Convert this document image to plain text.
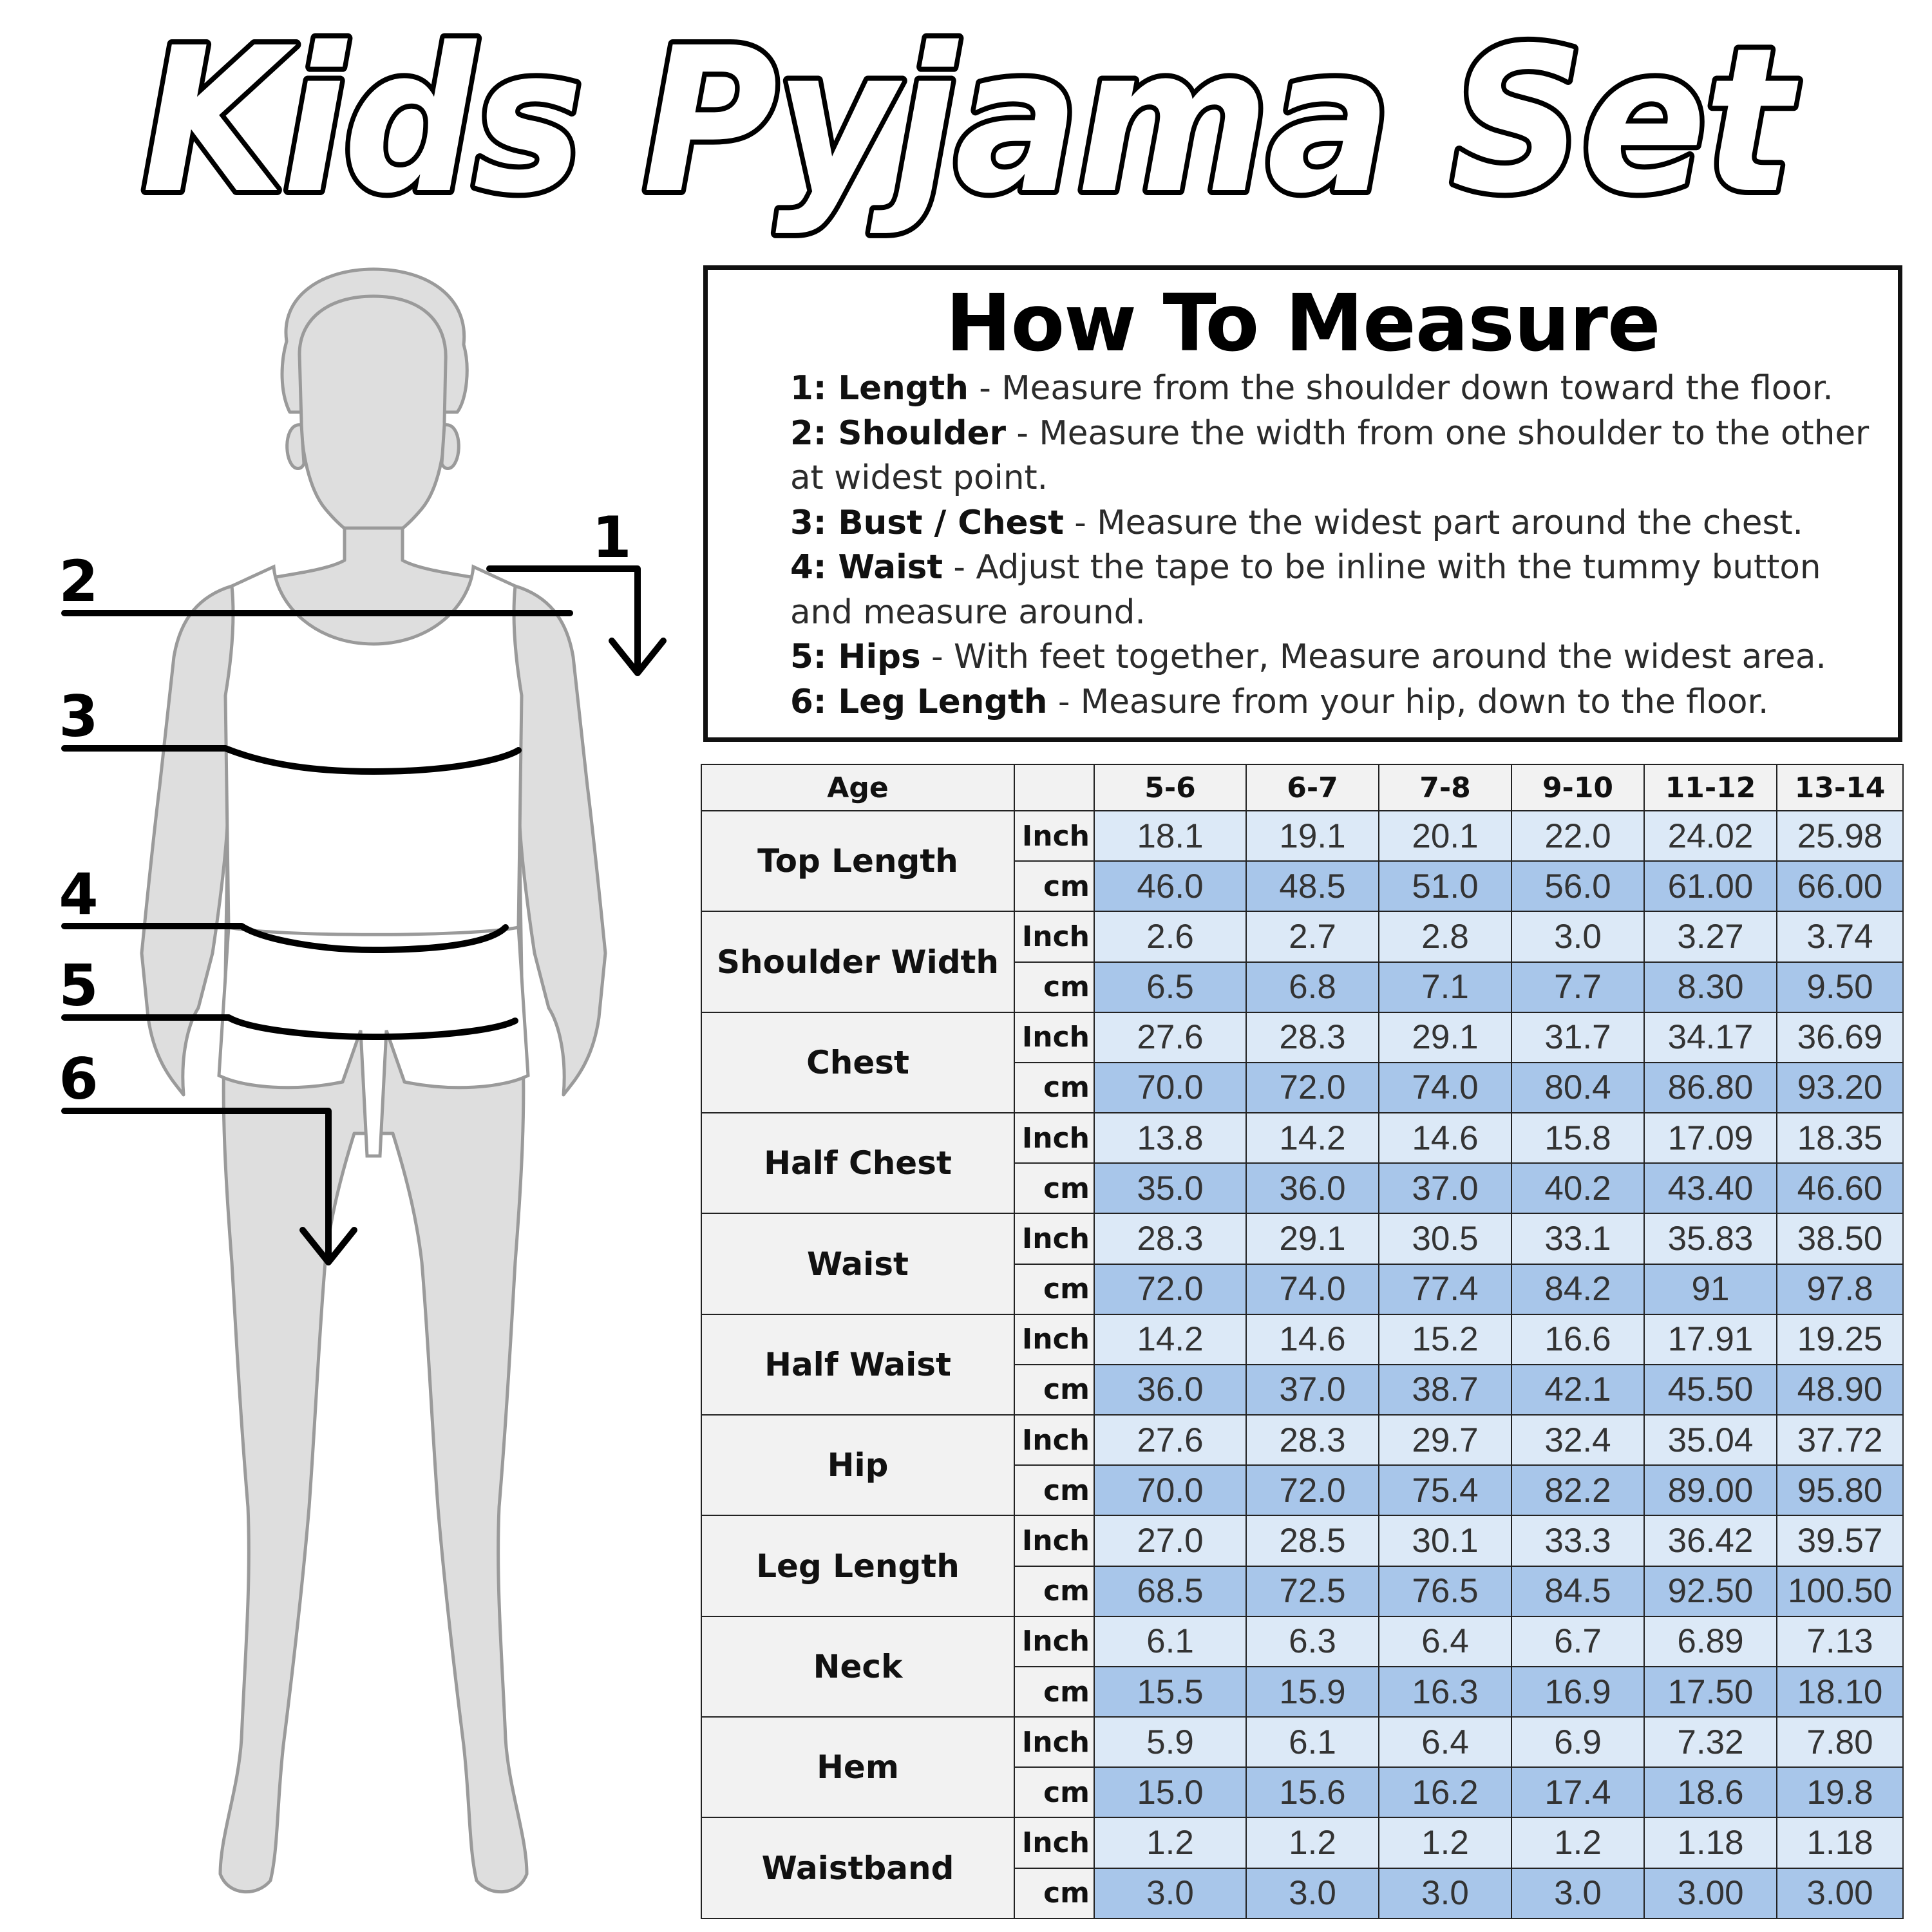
Kids Pyjama Set
1
2
3
4
5
6
How To Measure
1: Length - Measure from the shoulder down toward the floor.
2: Shoulder - Measure the width from one shoulder to the other at widest point.
3: Bust / Chest - Measure the widest part around the chest.
4: Waist - Adjust the tape to be inline with the tummy button and measure around.
5: Hips - With feet together, Measure around the widest area.
6: Leg Length - Measure from your hip, down to the floor.
Age		5-6	6-7	7-8	9-10	11-12	13-14
Top Length	Inch	18.1	19.1	20.1	22.0	24.02	25.98
	cm	46.0	48.5	51.0	56.0	61.00	66.00
Shoulder Width	Inch	2.6	2.7	2.8	3.0	3.27	3.74
	cm	6.5	6.8	7.1	7.7	8.30	9.50
Chest	Inch	27.6	28.3	29.1	31.7	34.17	36.69
	cm	70.0	72.0	74.0	80.4	86.80	93.20
Half Chest	Inch	13.8	14.2	14.6	15.8	17.09	18.35
	cm	35.0	36.0	37.0	40.2	43.40	46.60
Waist	Inch	28.3	29.1	30.5	33.1	35.83	38.50
	cm	72.0	74.0	77.4	84.2	91	97.8
Half Waist	Inch	14.2	14.6	15.2	16.6	17.91	19.25
	cm	36.0	37.0	38.7	42.1	45.50	48.90
Hip	Inch	27.6	28.3	29.7	32.4	35.04	37.72
	cm	70.0	72.0	75.4	82.2	89.00	95.80
Leg Length	Inch	27.0	28.5	30.1	33.3	36.42	39.57
	cm	68.5	72.5	76.5	84.5	92.50	100.50
Neck	Inch	6.1	6.3	6.4	6.7	6.89	7.13
	cm	15.5	15.9	16.3	16.9	17.50	18.10
Hem	Inch	5.9	6.1	6.4	6.9	7.32	7.80
	cm	15.0	15.6	16.2	17.4	18.6	19.8
Waistband	Inch	1.2	1.2	1.2	1.2	1.18	1.18
	cm	3.0	3.0	3.0	3.0	3.00	3.00
